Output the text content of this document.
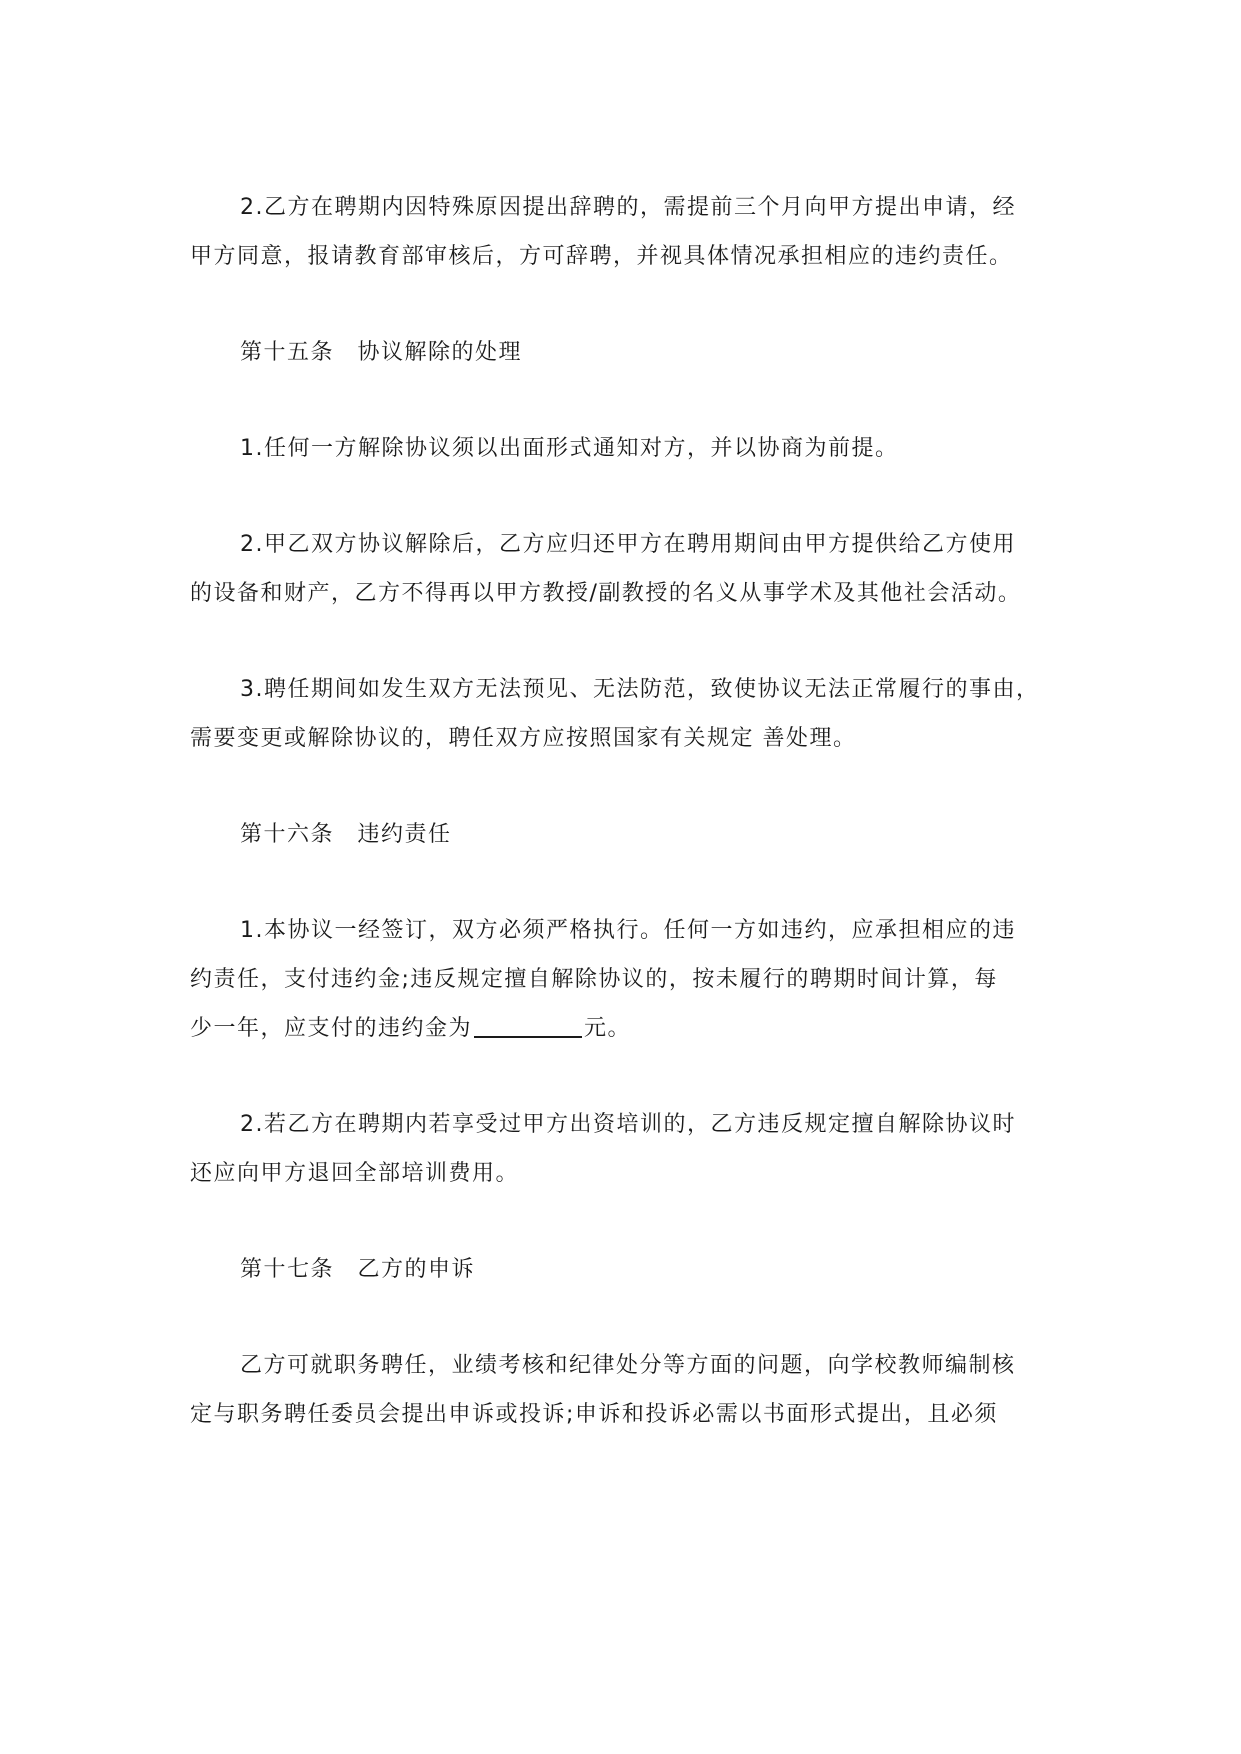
2.乙方在聘期内因特殊原因提出辞聘的，需提前三个月向甲方提出申请，经
甲方同意，报请教育部审核后，方可辞聘，并视具体情况承担相应的违约责任。
第十五条　协议解除的处理
1.任何一方解除协议须以出面形式通知对方，并以协商为前提。
2.甲乙双方协议解除后，乙方应归还甲方在聘用期间由甲方提供给乙方使用
的设备和财产，乙方不得再以甲方教授/副教授的名义从事学术及其他社会活动。
3.聘任期间如发生双方无法预见、无法防范，致使协议无法正常履行的事由，
需要变更或解除协议的，聘任双方应按照国家有关规定 善处理。
第十六条　违约责任
1.本协议一经签订，双方必须严格执行。任何一方如违约，应承担相应的违
约责任，支付违约金;违反规定擅自解除协议的，按未履行的聘期时间计算，每
少一年，应支付的违约金为	元。
2.若乙方在聘期内若享受过甲方出资培训的，乙方违反规定擅自解除协议时
还应向甲方退回全部培训费用。
第十七条　乙方的申诉
乙方可就职务聘任，业绩考核和纪律处分等方面的问题，向学校教师编制核
定与职务聘任委员会提出申诉或投诉;申诉和投诉必需以书面形式提出，且必须
